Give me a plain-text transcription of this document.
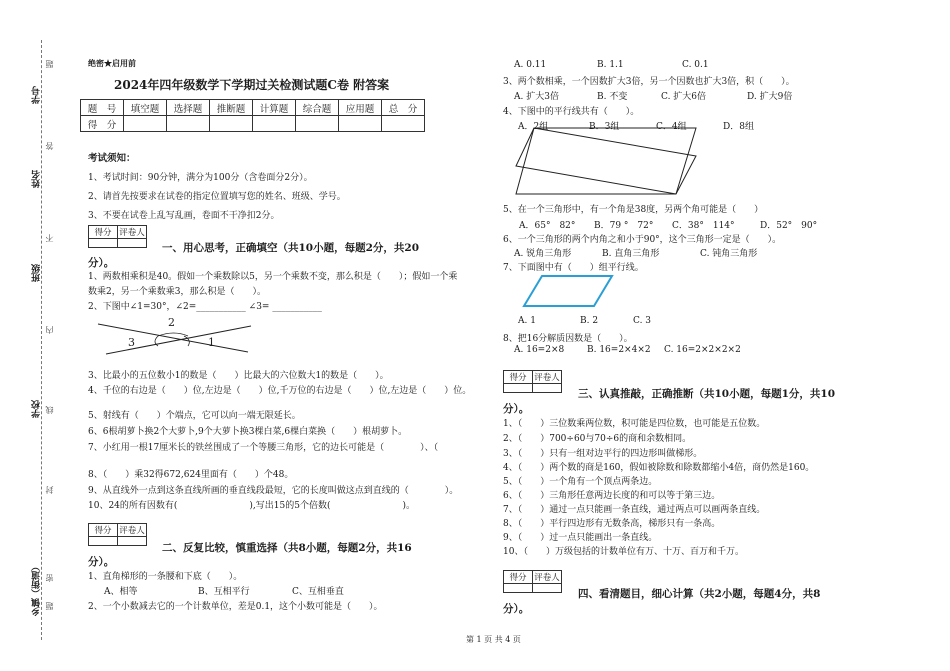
学号
姓名
班级
学校
乡镇（街道）
题
答
不
内
线
封
密
题
绝密★启用前
2024年四年级数学下学期过关检测试题C卷 附答案
题　号	填空题	选择题	推断题	计算题	综合题	应用题	总　分
得　分							
考试须知：
1、考试时间：90分钟，满分为100分（含卷面分2分）。
2、请首先按要求在试卷的指定位置填写您的姓名、班级、学号。
3、不要在试卷上乱写乱画，卷面不干净扣2分。
得分	评卷人

一、用心思考，正确填空（共10小题，每题2分，共20
分）。
1、两数相乘积是40。假如一个乘数除以5，另一个乘数不变，那么积是（　　）；假如一个乘
数乘2，另一个乘数乘3，那么积是（　　）。
2、下图中∠1=30°，∠2=___________ ∠3= ___________
2
3	1
3、比最小的五位数小1的数是（　　）比最大的六位数大1的数是（　　）。
4、千位的右边是（　　）位,左边是（　　）位,千万位的右边是（　　）位,左边是（　　）位。
5、射线有（　　）个端点，它可以向一端无限延长。
6、6根胡萝卜换2个大萝卜,9个大萝卜换3棵白菜,6棵白菜换（　　）根胡萝卜。
7、小红用一根17厘米长的铁丝围成了一个等腰三角形，它的边长可能是（　　　　）、（　　
8、（　　）乘32得672,624里面有（　　）个48。
9、从直线外一点到这条直线所画的垂直线段最短，它的长度叫做这点到直线的（　　　　）。
10、24的所有因数有(　　　　　　　　),写出15的5个倍数(　　　　　　　　)。
得分	评卷人

二、反复比较，慎重选择（共8小题，每题2分，共16
分）。
1、直角梯形的一条腰和下底（　　）。
A、相等	B、互相平行	C、互相垂直
2、一个小数减去它的一个计数单位，差是0.1，这个小数可能是（　　）。
A. 0.11	B. 1.1	C. 0.1
3、两个数相乘，一个因数扩大3倍，另一个因数也扩大3倍，积（　　）。
A. 扩大3倍	B. 不变	C. 扩大6倍	D. 扩大9倍
4、下图中的平行线共有（　　）。
A．2组	B．3组	C．4组	D．8组
5、在一个三角形中，有一个角是38度，另两个角可能是（　　）
A．65°　82° B．79 °　72° C．38°　114°	D．52°　90°
6、一个三角形的两个内角之和小于90°，这个三角形一定是（　　）。
A. 锐角三角形	B. 直角三角形	C. 钝角三角形
7、下面图中有（　　）组平行线。
A. 1	B. 2	C. 3
8、把16分解质因数是（　　）。
A. 16=2×8	B. 16=2×4×2 C. 16=2×2×2×2
得分	评卷人

三、认真推敲，正确推断（共10小题，每题1分，共10
分）。
1、（　　）三位数乘两位数，积可能是四位数，也可能是五位数。
2、（　　）700÷60与70÷6的商和余数相同。
3、（　　）只有一组对边平行的四边形叫做梯形。
4、（　　）两个数的商是160，假如被除数和除数都缩小4倍，商仍然是160。
5、（　　）一个角有一个顶点两条边。
6、（　　）三角形任意两边长度的和可以等于第三边。
7、（　　）通过一点只能画一条直线，通过两点可以画两条直线。
8、（　　）平行四边形有无数条高，梯形只有一条高。
9、（　　）过一点只能画出一条直线。
10、（　　）万级包括的计数单位有万、十万、百万和千万。
得分	评卷人

四、看清题目，细心计算（共2小题，每题4分，共8
分）。
第 1 页 共 4 页
